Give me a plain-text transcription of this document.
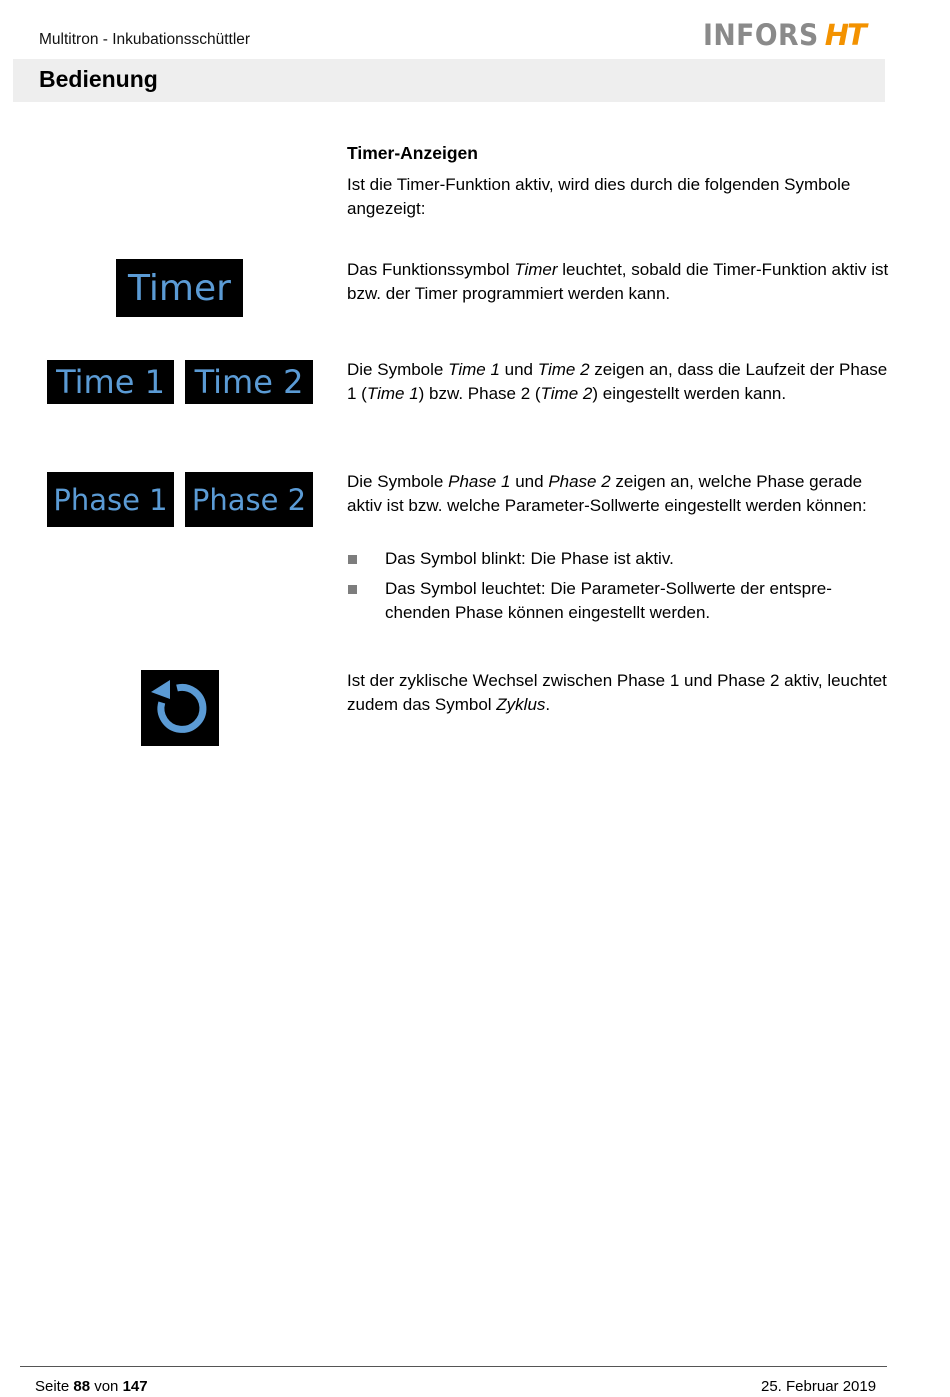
Multitron - Inkubationsschüttler	INFORS HT
Bedienung
Timer-Anzeigen
Ist die Timer-Funktion aktiv, wird dies durch die folgenden Symbole angezeigt:
Timer	Das Funktionssymbol Timer leuchtet, sobald die Timer-Funktion aktiv ist bzw. der Timer programmiert werden kann.
Time 1 Time 2	Die Symbole Time 1 und Time 2 zeigen an, dass die Laufzeit der Phase 1 (Time 1) bzw. Phase 2 (Time 2) eingestellt werden kann.
Phase 1 Phase 2
Die Symbole Phase 1 und Phase 2 zeigen an, welche Phase gerade aktiv ist bzw. welche Parameter-Sollwerte eingestellt werden können:
Das Symbol blinkt: Die Phase ist aktiv.
Das Symbol leuchtet: Die Parameter-Sollwerte der entsprechenden Phase können eingestellt werden.
Ist der zyklische Wechsel zwischen Phase 1 und Phase 2 aktiv, leuchtet zudem das Symbol Zyklus.
Seite 88 von 147	25. Februar 2019
